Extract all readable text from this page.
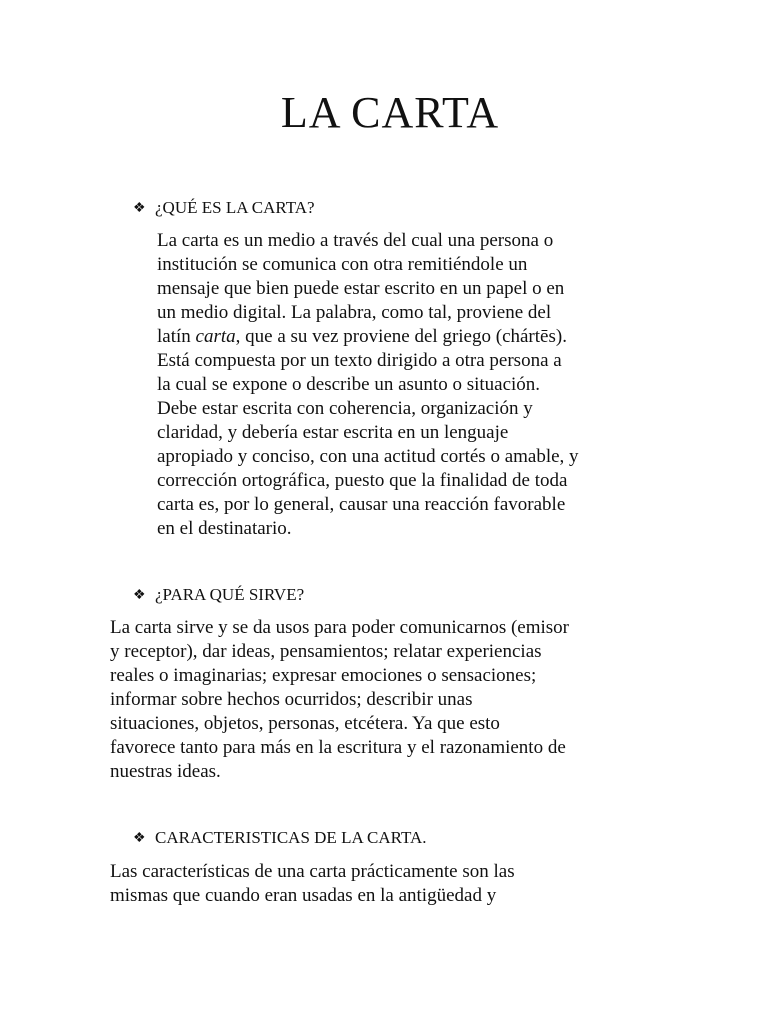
LA CARTA
❖ ¿QUÉ ES LA CARTA?
La carta es un medio a través del cual una persona o
institución se comunica con otra remitiéndole un
mensaje que bien puede estar escrito en un papel o en
un medio digital. La palabra, como tal, proviene del
latín carta, que a su vez proviene del griego (chártēs).
Está compuesta por un texto dirigido a otra persona a
la cual se expone o describe un asunto o situación.
Debe estar escrita con coherencia, organización y
claridad, y debería estar escrita en un lenguaje
apropiado y conciso, con una actitud cortés o amable, y
corrección ortográfica, puesto que la finalidad de toda
carta es, por lo general, causar una reacción favorable
en el destinatario.
❖ ¿PARA QUÉ SIRVE?
La carta sirve y se da usos para poder comunicarnos (emisor
y receptor), dar ideas, pensamientos; relatar experiencias
reales o imaginarias; expresar emociones o sensaciones;
informar sobre hechos ocurridos; describir unas
situaciones, objetos, personas, etcétera. Ya que esto
favorece tanto para más en la escritura y el razonamiento de
nuestras ideas.
❖ CARACTERISTICAS DE LA CARTA.
Las características de una carta prácticamente son las
mismas que cuando eran usadas en la antigüedad y
